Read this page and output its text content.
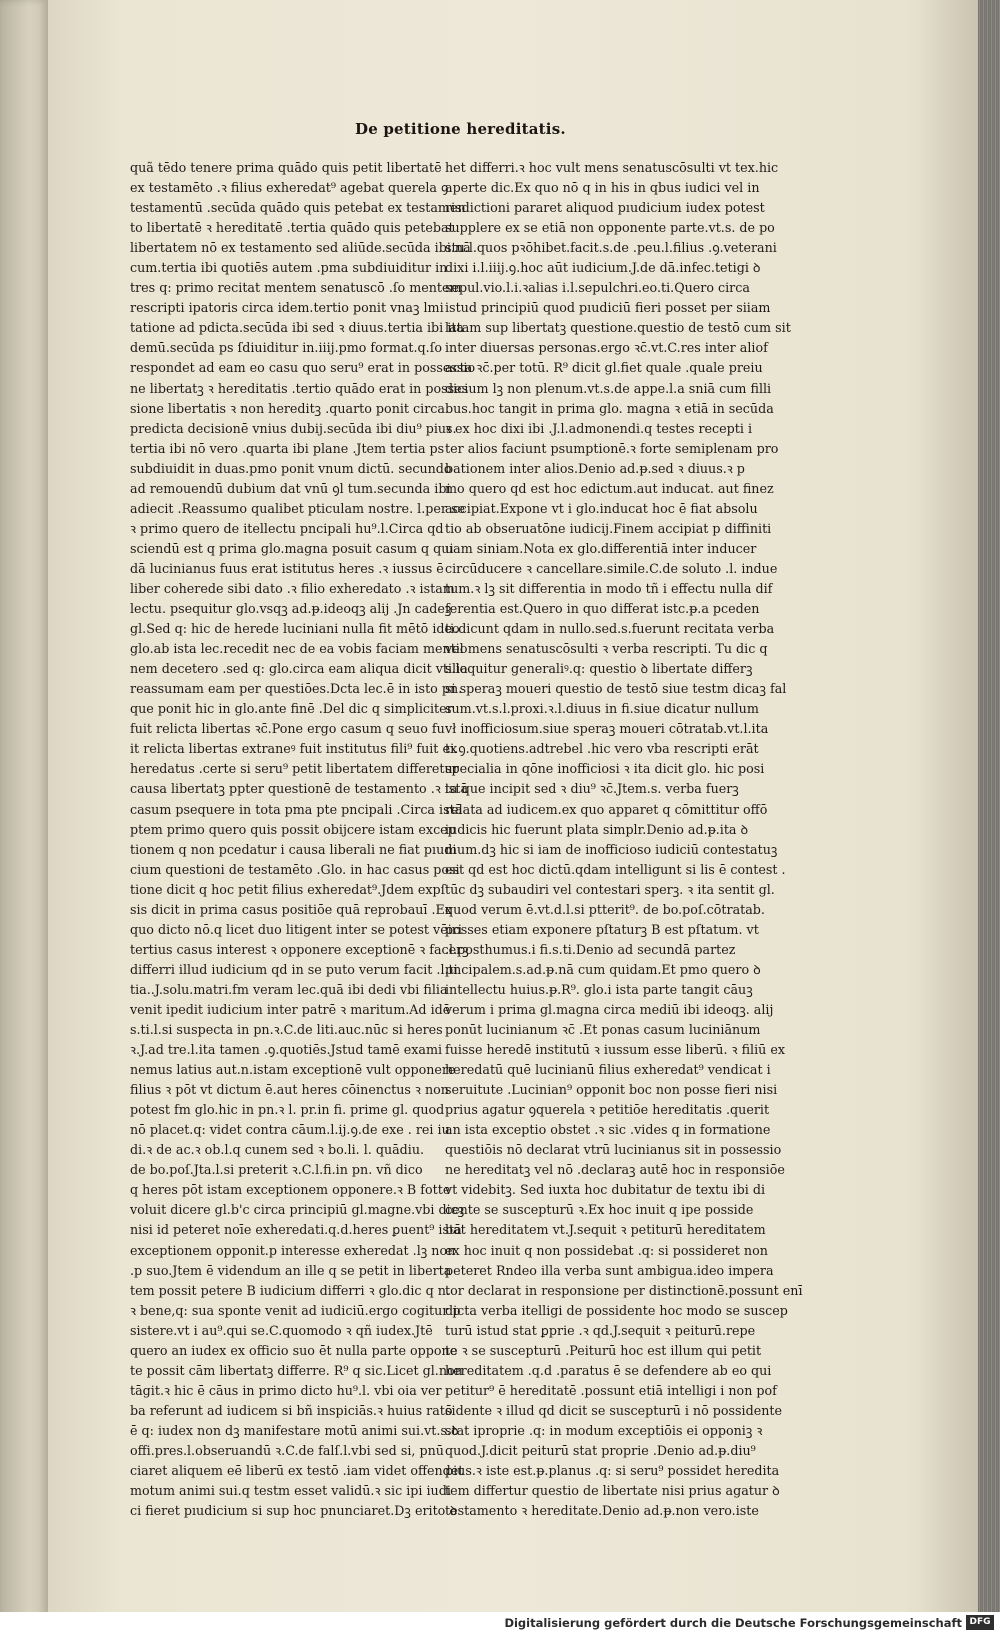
De petitione hereditatis.
quã tēdo tenere prima quādo quis petit libertatē
ex testamēto .ꝛ filius exheredat⁹ agebat querela ꝯ
testamentū .secūda quādo quis petebat ex testamen
to libertatē ꝛ hereditatē .tertia quādo quis petebat
libertatem nō ex testamento sed aliūde.secūda ibi.nā
cum.tertia ibi quotiēs autem .pma subdiuiditur in
tres q: primo recitat mentem senatuscō .ſo mentem
rescripti ipatoris circa idem.tertio ponit vnaꝫ lmi
tatione ad pdicta.secūda ibi sed ꝛ diuus.tertia ibi ita
demū.secūda ps ſdiuiditur in.iiij.pmo format.q.ſo
respondet ad eam eo casu quo seru⁹ erat in possessio
ne libertatꝫ ꝛ hereditatis .tertio quādo erat in posses
sione libertatis ꝛ non hereditꝫ .quarto ponit circa
predicta decisionē vnius dubij.secūda ibi diu⁹ pius.
tertia ibi nō vero .quarta ibi plane .Jtem tertia ps
subdiuidit in duas.pmo ponit vnum dictū. secundo
ad remouendū dubium dat vnū ꝯl tum.secunda ibi
adiecit .Reassumo qualibet pticulam nostre. l.per se
ꝛ primo quero de itellectu pncipali hu⁹.l.Circa qd
sciendū est q prima glo.magna posuit casum q qui
dā lucinianus fuus erat istitutus heres .ꝛ iussus ē
liber coherede sibi dato .ꝛ filio exheredato .ꝛ istam
lectu. psequitur glo.vsqꝫ ad.ᵽ.ideoqꝫ alij .Jn cadeꝫ
gl.Sed q: hic de herede luciniani nulla fit mētō ideo
glo.ab ista lec.recedit nec de ea vobis faciam mentio
nem decetero .sed q: glo.circa eam aliqua dicit vtilia
reassumam eam per questiōes.Dcta lec.ē in isto pn.
que ponit hic in glo.ante finē .Del dic q simpliciter
fuit relicta libertas ꝛc̄.Pone ergo casum q seuo fu
it relicta libertas extraneꝰ fuit institutus fili⁹ fuit ex
heredatus .certe si seru⁹ petit libertatem differetur
causa libertatꝫ ppter questionē de testamento .ꝛ istā
casum psequere in tota pma pte pncipali .Circa istā
ptem primo quero quis possit obijcere istam excep
tionem q non pcedatur i causa liberali ne fiat pıudi
cium questioni de testamēto .Glo. in hac casus posi
tione dicit q hoc petit filius exheredat⁹.Jdem expſ
sis dicit in prima casus positiōe quā reprobauī .Ex
quo dicto nō.q licet duo litigent inter se potest vēiri
tertius casus interest ꝛ opponere exceptionē ꝛ facerꝫ
differri illud iudicium qd in se puto verum facit .l.ti
tia..J.solu.matri.fm veram lec.quā ibi dedi vbi filia
venit ipedit iudicium inter patrē ꝛ maritum.Ad idē
s.ti.l.si suspecta in pn.ꝛ.C.de liti.auc.nūc si heres
ꝛ.J.ad tre.l.ita tamen .ꝯ.quotiēs.Jstud tamē exami
nemus latius aut.n.istam exceptionē vult opponere
filius ꝛ pōt vt dictum ē.aut heres cōinenctus ꝛ non
potest fm glo.hic in pn.ꝛ l. pr.in fi. prime gl. quod
nō placet.q: videt contra cāum.l.ij.ꝯ.de exe . rei iu
di.ꝛ de ac.ꝛ ob.l.q cunem sed ꝛ bo.li. l. quādiu.
de bo.poſ.Jta.l.si preterit ꝛ.C.l.fi.in pn. vñ dico
q heres pōt istam exceptionem opponere.ꝛ B fotte
voluit dicere gl.b'c circa principiū gl.magne.vbi dicꝫ
nisi id peteret noīe exheredati.q.d.heres ꝑuent⁹ istā
exceptionem opponit.p interesse exheredat .lꝫ non
.p suo.Jtem ē videndum an ille q se petit in liberta
tem possit petere B iudicium differri ꝛ glo.dic q n.
ꝛ bene,q: sua sponte venit ad iudiciū.ergo cogitur p
sistere.vt i au⁹.qui se.C.quomodo ꝛ qñ iudex.Jtē
quero an iudex ex officio suo ēt nulla parte oppone
te possit cām libertatꝫ differre. R⁹ q sic.Licet gl.non
tāgit.ꝛ hic ē cāus in primo dicto hu⁹.l. vbi oia ver
ba referunt ad iudicem si bñ inspiciās.ꝛ huius ratō
ē q: iudex non dꝫ manifestare motū animi sui.vt.s.ꝺ
offi.pres.l.obseruandū ꝛ.C.de falſ.l.vbi sed si, pnū
ciaret aliquem eē liberū ex testō .iam videt offendet
motum animi sui.q testm esset validū.ꝛ sic ipi iudi
ci fieret pıudicium si sup hoc pnunciaret.Dꝫ erito ꝺ
het differri.ꝛ hoc vult mens senatuscōsulti vt tex.hic
aperte dic.Ex quo nō q in his in qbus iudici vel in
risdictioni pararet aliquod pıudicium iudex potest
supplere ex se etiā non opponente parte.vt.s. de po
stu.l.quos pꝛōhibet.facit.s.de .peu.l.filius .ꝯ.veterani
dixi i.l.iiij.ꝯ.hoc aūt iudicium.J.de dā.infec.tetigi ꝺ
sepul.vio.l.i.ꝛalias i.l.sepulchri.eo.ti.Quero circa
istud principiū quod pıudiciū fieri posset per siiam
latam sup libertatꝫ questione.questio de testō cum sit
inter diuersas personas.ergo ꝛc̄.vt.C.res inter aliof
acta ꝛc̄.per totū. R⁹ dicit gl.fiet quale .quale preiu
dicium lꝫ non plenum.vt.s.de appe.l.a sniā cum filli
bus.hoc tangit in prima glo. magna ꝛ etiā in secūda
ꝛ ex hoc dixi ibi .J.l.admonendi.q testes recepti i
ter alios faciunt psumptionē.ꝛ forte semiplenam pro
bationem inter alios.Denio ad.ᵽ.sed ꝛ diuus.ꝛ p
mo quero qd est hoc edictum.aut inducat. aut finez
accipiat.Expone vt i glo.inducat hoc ē fiat absolu
tio ab obseruatōne iudicij.Finem accipiat p diffiniti
uam siniam.Nota ex glo.differentiā inter inducer
circūducere ꝛ cancellare.simile.C.de soluto .l. indue
tum.ꝛ lꝫ sit differentia in modo tñ i effectu nulla dif
ferentia est.Quero in quo differat istc.ᵽ.a pceden
ti.dicunt qdam in nullo.sed.s.fuerunt recitata verba
vel mens senatuscōsulti ꝛ verba rescripti. Tu dic q
s.loquitur generaliꝰ.q: questio ꝺ libertate differꝫ
si speraꝫ moueri questio de testō siue testm dicaꝫ fal
sum.vt.s.l.proxi.ꝛ.l.diuus in fi.siue dicatur nullum
vł inofficiosum.siue speraꝫ moueri cōtratab.vt.l.ita
ti.ꝯ.quotiens.adtrebel .hic vero vba rescripti erāt
specialia in qōne inofficiosi ꝛ ita dicit glo. hic posi
ta que incipit sed ꝛ diu⁹ ꝛc̄.Jtem.s. verba fuerꝫ
relata ad iudicem.ex quo apparet q cōmittitur offō
iudicis hic fuerunt plata simplr.Denio ad.ᵽ.ita ꝺ
mum.dꝫ hic si iam de inofficioso iudiciū contestatuꝫ
est qd est hoc dictū.qdam intelligunt si lis ē contest .
tūc dꝫ subaudiri vel contestari sperꝫ. ꝛ ita sentit gl.
quod verum ē.vt.d.l.si ptterit⁹. de bo.poſ.cōtratab.
posses etiam exponere pſtaturꝫ B est pſtatum. vt
.l.posthumus.i fi.s.ti.Denio ad secundā partez
pncipalem.s.ad.ᵽ.nā cum quidam.Et pmo quero ꝺ
intellectu huius.ᵽ.R⁹. glo.i ista parte tangit cāuꝫ
verum i prima gl.magna circa mediū ibi ideoqꝫ. alij
ponūt lucinianum ꝛc̄ .Et ponas casum luciniānum
fuisse heredē institutū ꝛ iussum esse liberū. ꝛ filiū ex
heredatū quē lucinianū filius exheredat⁹ vendicat i
seruitute .Lucinian⁹ opponit boc non posse fieri nisi
prius agatur ꝯquerela ꝛ petitiōe hereditatis .querit
an ista exceptio obstet .ꝛ sic .vides q in formatione
questiōis nō declarat vtrū lucinianus sit in possessio
ne hereditatꝫ vel nō .declaraꝫ autē hoc in responsiōe
vt videbitꝫ. Sed iuxta hoc dubitatur de textu ibi di
cente se suscepturū ꝛ.Ex hoc inuit q ipe posside
bat hereditatem vt.J.sequit ꝛ petiturū hereditatem
ex hoc inuit q non possidebat .q: si possideret non
peteret Rndeo illa verba sunt ambigua.ideo impera
tor declarat in responsione per distinctionē.possunt enī
dicta verba itelligi de possidente hoc modo se suscep
turū istud stat ꝑprie .ꝛ qd.J.sequit ꝛ peiturū.repe
te ꝛ se suscepturū .Peiturū hoc est illum qui petit
hereditatem .q.d .paratus ē se defendere ab eo qui
petitur⁹ ē hereditatē .possunt etiā intelligi i non pof
sidente ꝛ illud qd dicit se suscepturū i nō possidente
stat iproprie .q: in modum exceptiōis ei opponiꝫ ꝛ
quod.J.dicit peiturū stat proprie .Denio ad.ᵽ.diu⁹
pius.ꝛ iste est.ᵽ.planus .q: si seru⁹ possidet heredita
tem differtur questio de libertate nisi prius agatur ꝺ
testamento ꝛ hereditate.Denio ad.ᵽ.non vero.iste
Digitalisierung gefördert durch die Deutsche Forschungsgemeinschaft DFG
